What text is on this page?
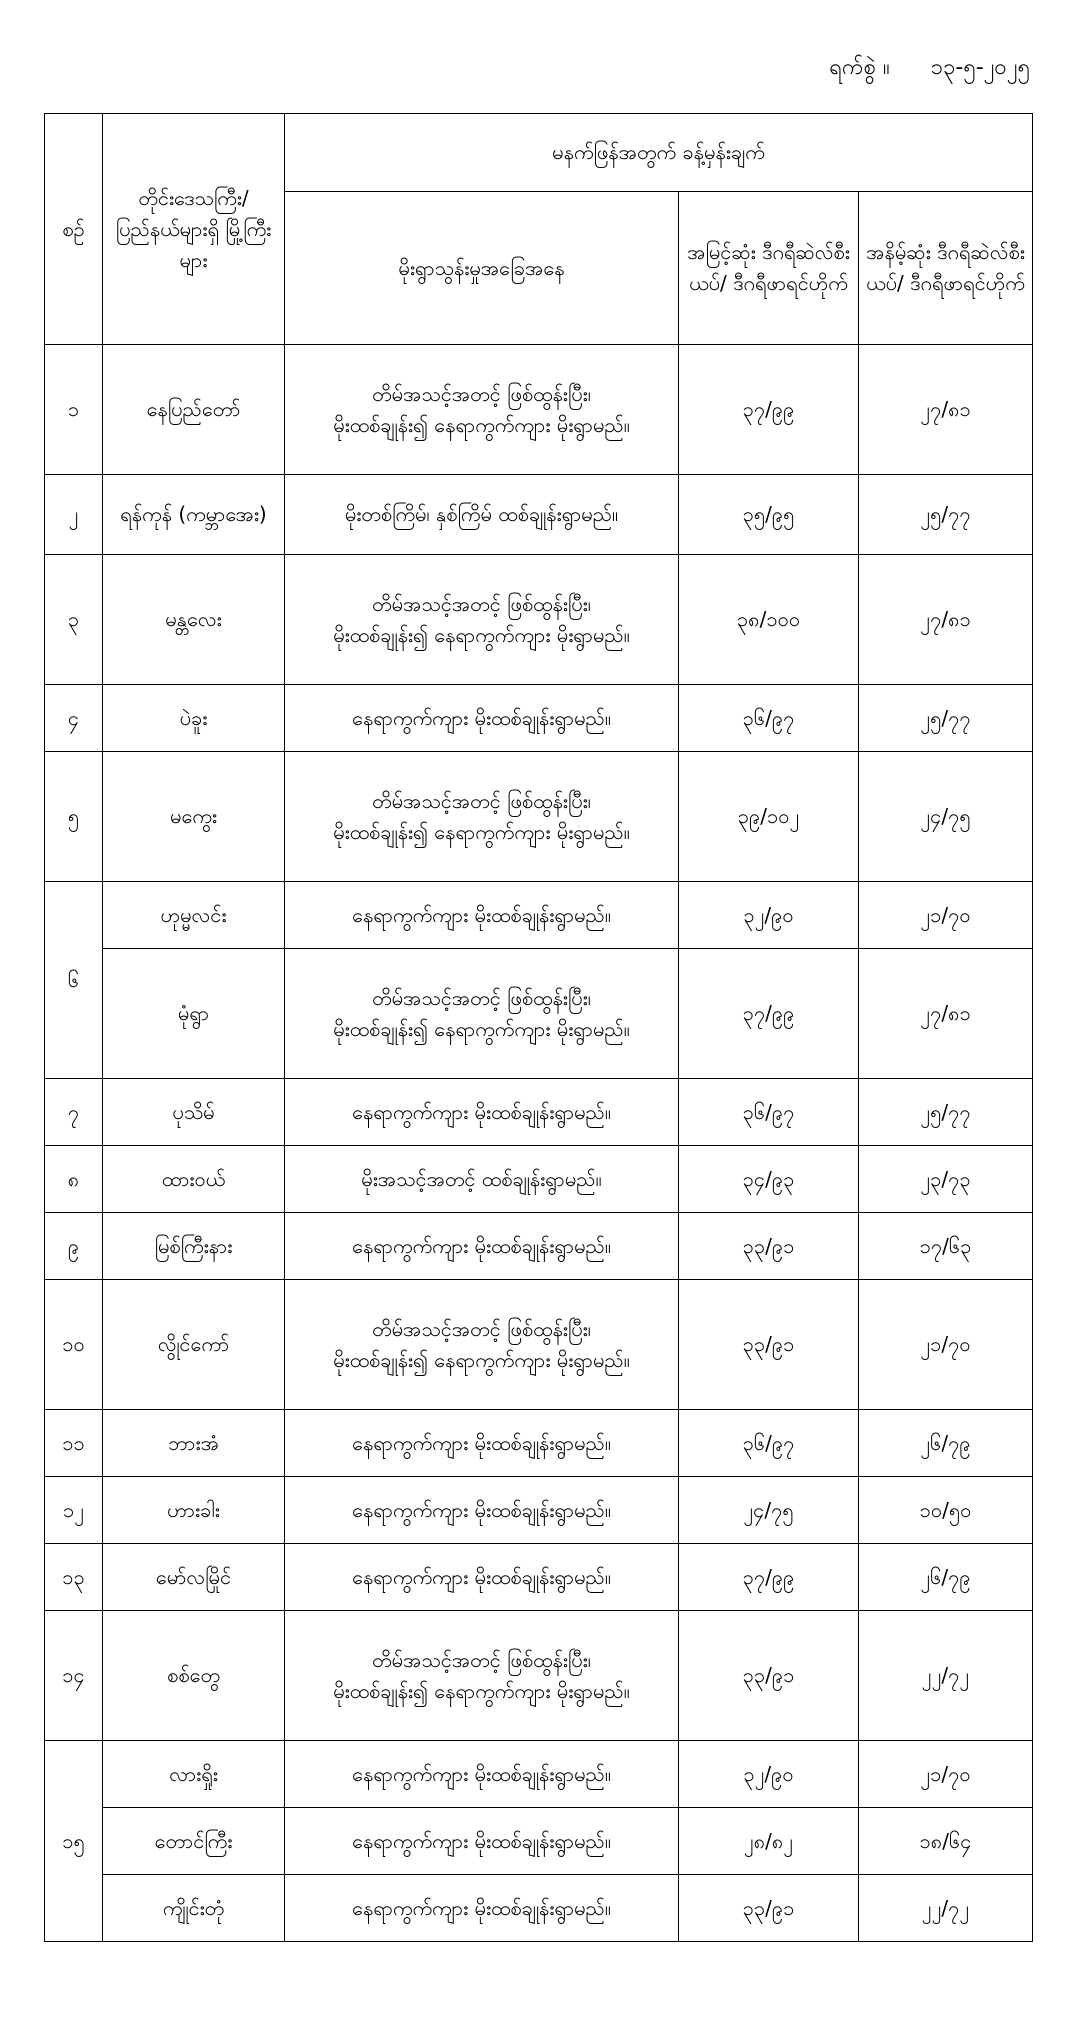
ရက်စွဲ ။ ၁၃-၅-၂၀၂၅
စဉ်	တိုင်းဒေသကြီး/ ပြည်နယ်များရှိ မြို့ကြီးများ	မနက်ဖြန်အတွက် ခန့်မှန်းချက်		
		မိုးရွာသွန်းမှုအခြေအနေ	အမြင့်ဆုံး ဒီဂရီဆဲလ်စီးယပ်/ ဒီဂရီဖာရင်ဟိုက်	အနိမ့်ဆုံး ဒီဂရီဆဲလ်စီးယပ်/ ဒီဂရီဖာရင်ဟိုက်
၁	နေပြည်တော်	တိမ်အသင့်အတင့် ဖြစ်ထွန်းပြီး၊
မိုးထစ်ချုန်း၍ နေရာကွက်ကျား မိုးရွာမည်။	၃၇/၉၉	၂၇/၈၁
၂	ရန်ကုန် (ကမ္ဘာအေး)	မိုးတစ်ကြိမ်၊ နှစ်ကြိမ် ထစ်ချုန်းရွာမည်။	၃၅/၉၅	၂၅/၇၇
၃	မန္တလေး	တိမ်အသင့်အတင့် ဖြစ်ထွန်းပြီး၊
မိုးထစ်ချုန်း၍ နေရာကွက်ကျား မိုးရွာမည်။	၃၈/၁၀၀	၂၇/၈၁
၄	ပဲခူး	နေရာကွက်ကျား မိုးထစ်ချုန်းရွာမည်။	၃၆/၉၇	၂၅/၇၇
၅	မကွေး	တိမ်အသင့်အတင့် ဖြစ်ထွန်းပြီး၊
မိုးထစ်ချုန်း၍ နေရာကွက်ကျား မိုးရွာမည်။	၃၉/၁၀၂	၂၄/၇၅
၆	ဟုမ္မလင်း	နေရာကွက်ကျား မိုးထစ်ချုန်းရွာမည်။	၃၂/၉၀	၂၁/၇၀
	မုံရွာ	တိမ်အသင့်အတင့် ဖြစ်ထွန်းပြီး၊
မိုးထစ်ချုန်း၍ နေရာကွက်ကျား မိုးရွာမည်။	၃၇/၉၉	၂၇/၈၁
၇	ပုသိမ်	နေရာကွက်ကျား မိုးထစ်ချုန်းရွာမည်။	၃၆/၉၇	၂၅/၇၇
၈	ထားဝယ်	မိုးအသင့်အတင့် ထစ်ချုန်းရွာမည်။	၃၄/၉၃	၂၃/၇၃
၉	မြစ်ကြီးနား	နေရာကွက်ကျား မိုးထစ်ချုန်းရွာမည်။	၃၃/၉၁	၁၇/၆၃
၁၀	လွိုင်ကော်	တိမ်အသင့်အတင့် ဖြစ်ထွန်းပြီး၊
မိုးထစ်ချုန်း၍ နေရာကွက်ကျား မိုးရွာမည်။	၃၃/၉၁	၂၁/၇၀
၁၁	ဘားအံ	နေရာကွက်ကျား မိုးထစ်ချုန်းရွာမည်။	၃၆/၉၇	၂၆/၇၉
၁၂	ဟားခါး	နေရာကွက်ကျား မိုးထစ်ချုန်းရွာမည်။	၂၄/၇၅	၁၀/၅၀
၁၃	မော်လမြိုင်	နေရာကွက်ကျား မိုးထစ်ချုန်းရွာမည်။	၃၇/၉၉	၂၆/၇၉
၁၄	စစ်တွေ	တိမ်အသင့်အတင့် ဖြစ်ထွန်းပြီး၊
မိုးထစ်ချုန်း၍ နေရာကွက်ကျား မိုးရွာမည်။	၃၃/၉၁	၂၂/၇၂
၁၅	လားရှိုး	နေရာကွက်ကျား မိုးထစ်ချုန်းရွာမည်။	၃၂/၉၀	၂၁/၇၀
	တောင်ကြီး	နေရာကွက်ကျား မိုးထစ်ချုန်းရွာမည်။	၂၈/၈၂	၁၈/၆၄
	ကျိုင်းတုံ	နေရာကွက်ကျား မိုးထစ်ချုန်းရွာမည်။	၃၃/၉၁	၂၂/၇၂
